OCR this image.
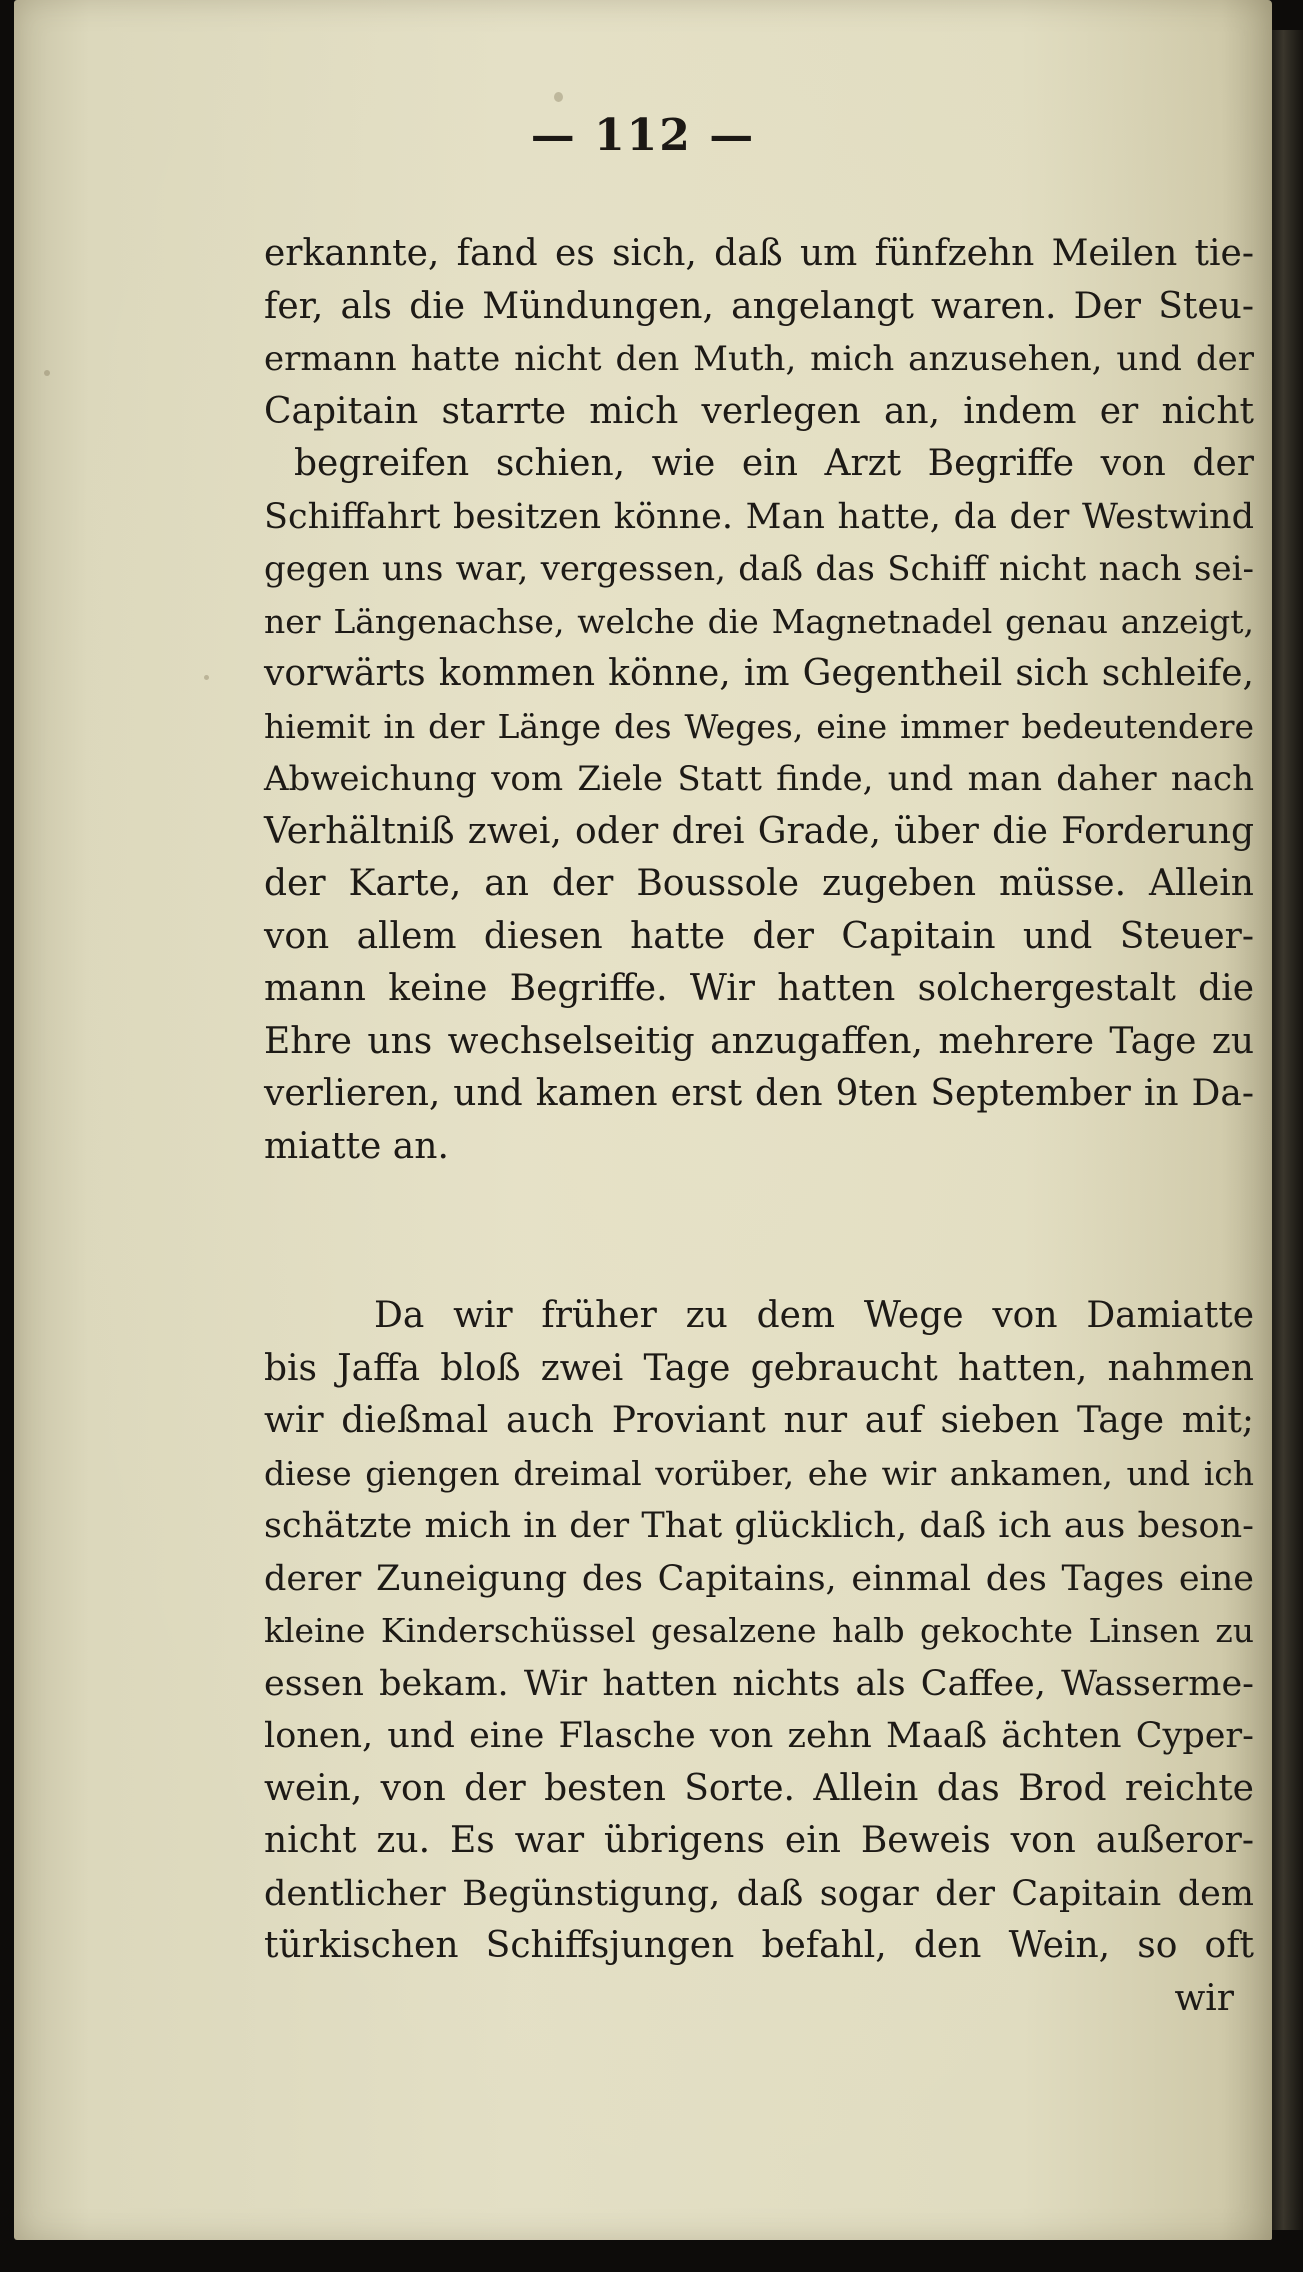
— 112 —
erkannte, fand es sich, daß um fünfzehn Meilen tie-
fer, als die Mündungen, angelangt waren. Der Steu-
ermann hatte nicht den Muth, mich anzusehen, und der
Capitain starrte mich verlegen an, indem er nicht
begreifen schien, wie ein Arzt Begriffe von der
Schiffahrt besitzen könne. Man hatte, da der Westwind
gegen uns war, vergessen, daß das Schiff nicht nach sei-
ner Längenachse, welche die Magnetnadel genau anzeigt,
vorwärts kommen könne, im Gegentheil sich schleife,
hiemit in der Länge des Weges, eine immer bedeutendere
Abweichung vom Ziele Statt finde, und man daher nach
Verhältniß zwei, oder drei Grade, über die Forderung
der Karte, an der Boussole zugeben müsse. Allein
von allem diesen hatte der Capitain und Steuer-
mann keine Begriffe. Wir hatten solchergestalt die
Ehre uns wechselseitig anzugaffen, mehrere Tage zu
verlieren, und kamen erst den 9ten September in Da-
miatte an.
Da wir früher zu dem Wege von Damiatte
bis Jaffa bloß zwei Tage gebraucht hatten, nahmen
wir dießmal auch Proviant nur auf sieben Tage mit;
diese giengen dreimal vorüber, ehe wir ankamen, und ich
schätzte mich in der That glücklich, daß ich aus beson-
derer Zuneigung des Capitains, einmal des Tages eine
kleine Kinderschüssel gesalzene halb gekochte Linsen zu
essen bekam. Wir hatten nichts als Caffee, Wasserme-
lonen, und eine Flasche von zehn Maaß ächten Cyper-
wein, von der besten Sorte. Allein das Brod reichte
nicht zu. Es war übrigens ein Beweis von außeror-
dentlicher Begünstigung, daß sogar der Capitain dem
türkischen Schiffsjungen befahl, den Wein, so oft
wir
